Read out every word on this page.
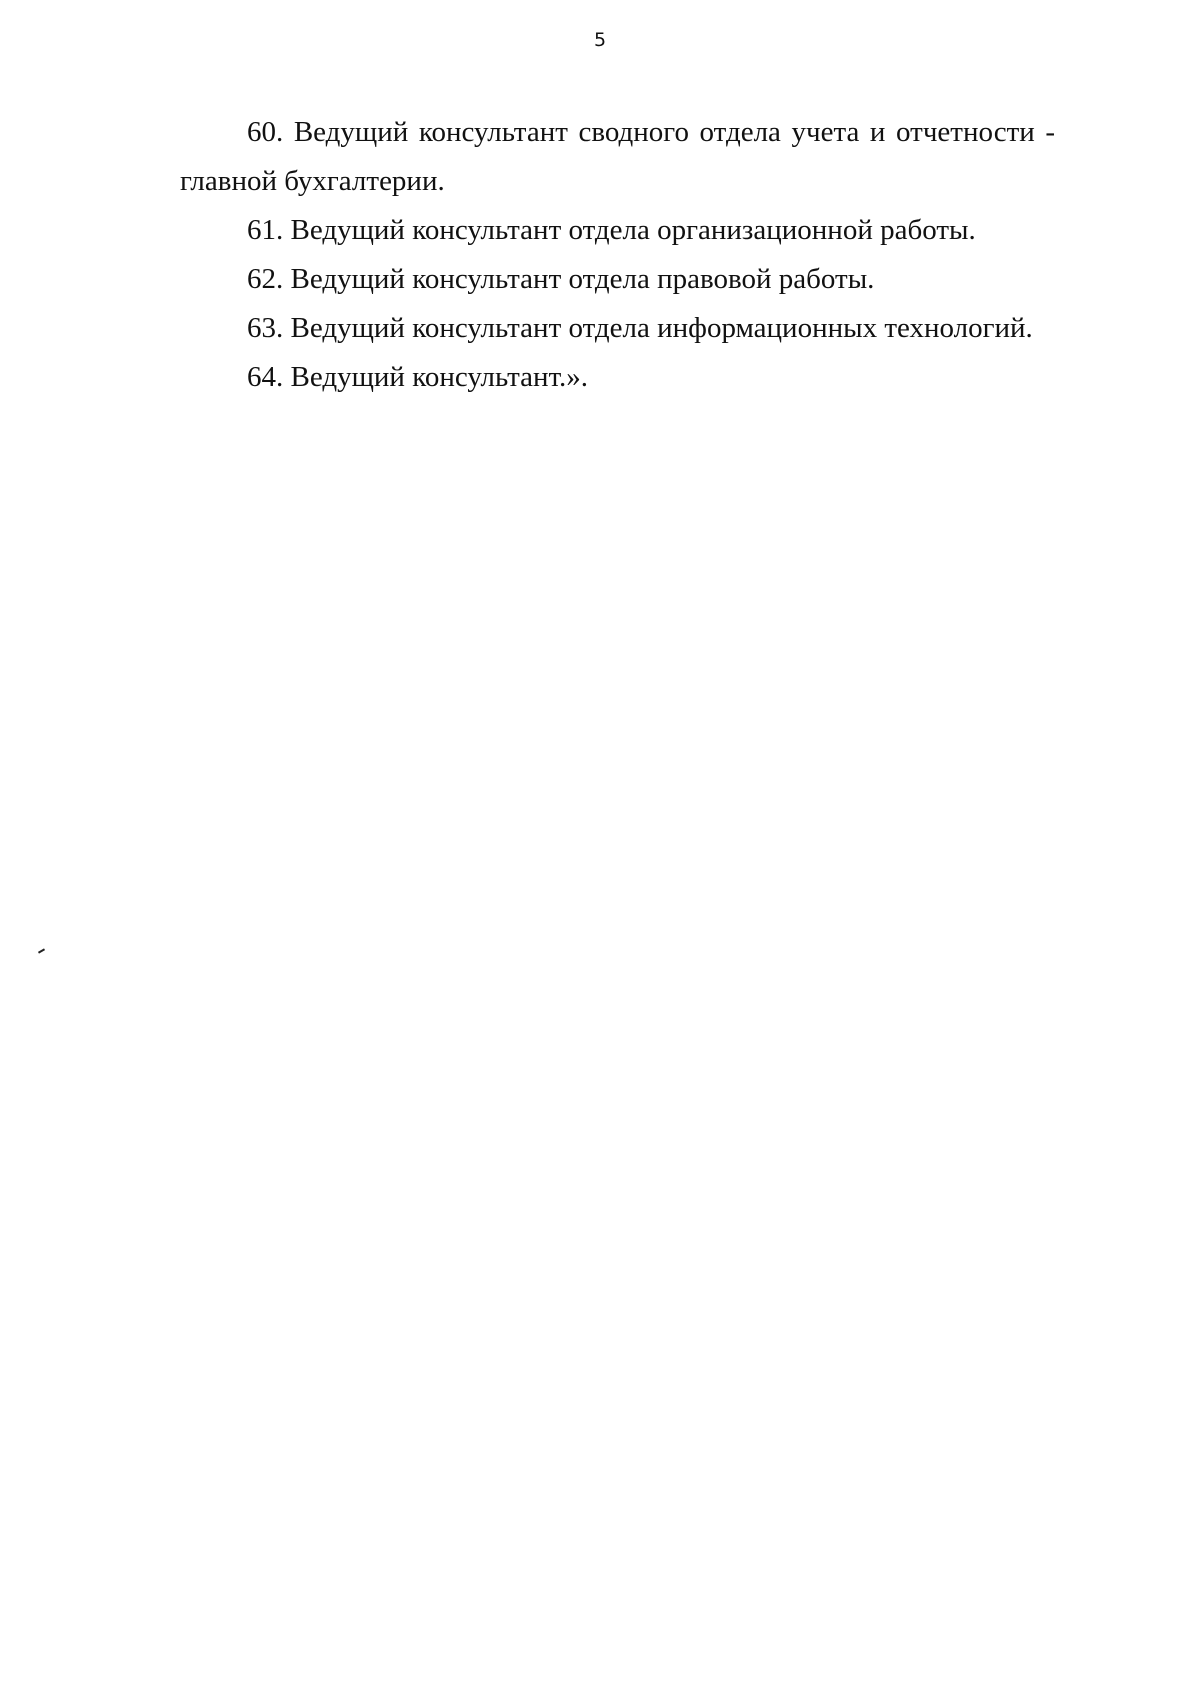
5

60. Ведущий консультант сводного отдела учета и отчетности - главной бухгалтерии.

61. Ведущий консультант отдела организационной работы.

62. Ведущий консультант отдела правовой работы.

63. Ведущий консультант отдела информационных технологий.

64. Ведущий консультант.».
